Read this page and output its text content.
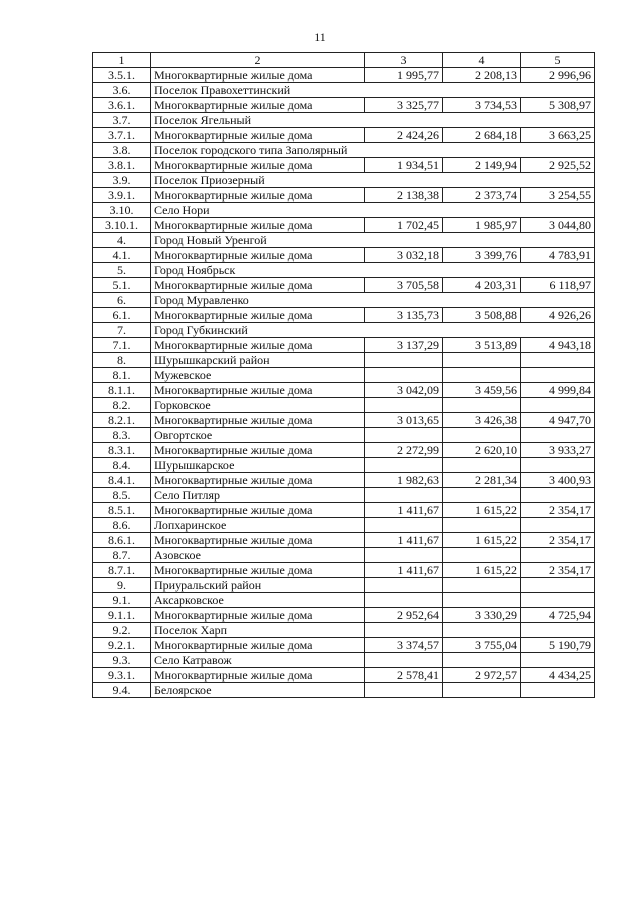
11
1	2	3	4	5
3.5.1.	Многоквартирные жилые дома	1 995,77	2 208,13	2 996,96
3.6.	Поселок Правохеттинский			
3.6.1.	Многоквартирные жилые дома	3 325,77	3 734,53	5 308,97
3.7.	Поселок Ягельный			
3.7.1.	Многоквартирные жилые дома	2 424,26	2 684,18	3 663,25
3.8.	Поселок городского типа Заполярный			
3.8.1.	Многоквартирные жилые дома	1 934,51	2 149,94	2 925,52
3.9.	Поселок Приозерный			
3.9.1.	Многоквартирные жилые дома	2 138,38	2 373,74	3 254,55
3.10.	Село Нори			
3.10.1.	Многоквартирные жилые дома	1 702,45	1 985,97	3 044,80
4.	Город Новый Уренгой			
4.1.	Многоквартирные жилые дома	3 032,18	3 399,76	4 783,91
5.	Город Ноябрьск			
5.1.	Многоквартирные жилые дома	3 705,58	4 203,31	6 118,97
6.	Город Муравленко			
6.1.	Многоквартирные жилые дома	3 135,73	3 508,88	4 926,26
7.	Город Губкинский			
7.1.	Многоквартирные жилые дома	3 137,29	3 513,89	4 943,18
8.	Шурышкарский район			
8.1.	Мужевское			
8.1.1.	Многоквартирные жилые дома	3 042,09	3 459,56	4 999,84
8.2.	Горковское			
8.2.1.	Многоквартирные жилые дома	3 013,65	3 426,38	4 947,70
8.3.	Овгортское			
8.3.1.	Многоквартирные жилые дома	2 272,99	2 620,10	3 933,27
8.4.	Шурышкарское			
8.4.1.	Многоквартирные жилые дома	1 982,63	2 281,34	3 400,93
8.5.	Село Питляр			
8.5.1.	Многоквартирные жилые дома	1 411,67	1 615,22	2 354,17
8.6.	Лопхаринское			
8.6.1.	Многоквартирные жилые дома	1 411,67	1 615,22	2 354,17
8.7.	Азовское			
8.7.1.	Многоквартирные жилые дома	1 411,67	1 615,22	2 354,17
9.	Приуральский район			
9.1.	Аксарковское			
9.1.1.	Многоквартирные жилые дома	2 952,64	3 330,29	4 725,94
9.2.	Поселок Харп			
9.2.1.	Многоквартирные жилые дома	3 374,57	3 755,04	5 190,79
9.3.	Село Катравож			
9.3.1.	Многоквартирные жилые дома	2 578,41	2 972,57	4 434,25
9.4.	Белоярское			
